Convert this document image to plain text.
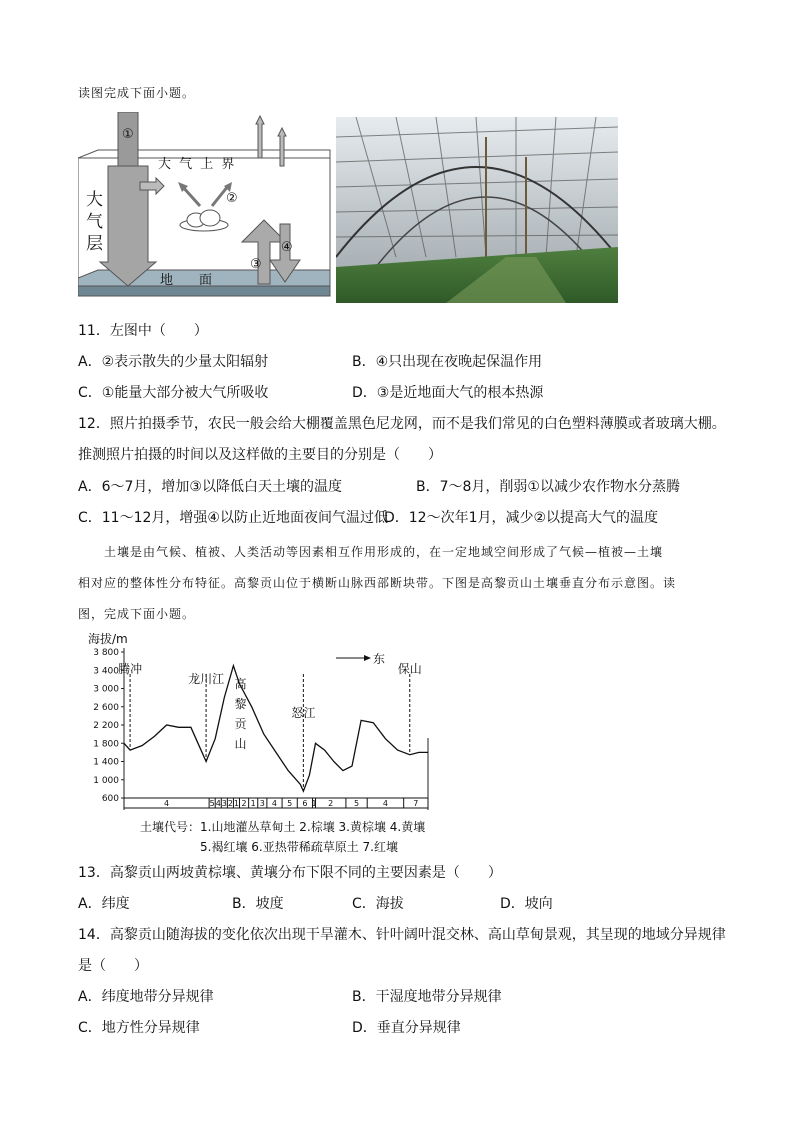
读图完成下面小题。
①
②
③
④
大 气 上 界
大
气
层
地　　面
11．左图中（　　）
A．②表示散失的少量太阳辐射	B．④只出现在夜晚起保温作用
C．①能量大部分被大气所吸收	D．③是近地面大气的根本热源
12．照片拍摄季节，农民一般会给大棚覆盖黑色尼龙网，而不是我们常见的白色塑料薄膜或者玻璃大棚。
推测照片拍摄的时间以及这样做的主要目的分别是（　　）
A．6～7月，增加③以降低白天土壤的温度	B．7～8月，削弱①以减少农作物水分蒸腾
C．11～12月，增强④以防止近地面夜间气温过低
D．12～次年1月，减少②以提高大气的温度
土壤是由气候、植被、人类活动等因素相互作用形成的，在一定地域空间形成了气候—植被—土壤
相对应的整体性分布特征。高黎贡山位于横断山脉西部断块带。下图是高黎贡山土壤垂直分布示意图。读
图，完成下面小题。
3 800
3 400
3 000
2 600
2 200
1 800
1 400
1 000
600	4	5 4 3 2 1 2 1 3 4 5 6 1 2	5	4	7
海拔/m
东
腾冲
龙川江 高黎贡山
怒江
保山
土壤代号： 1.山地灌丛草甸土 2.棕壤 3.黄棕壤 4.黄壤
5.褐红壤 6.亚热带稀疏草原土 7.红壤
13．高黎贡山两坡黄棕壤、黄壤分布下限不同的主要因素是（　　）
A．纬度	B．坡度	C．海拔	D．坡向
14．高黎贡山随海拔的变化依次出现干旱灌木、针叶阔叶混交林、高山草甸景观，其呈现的地域分异规律
是（　　）
A．纬度地带分异规律	B．干湿度地带分异规律
C．地方性分异规律	D．垂直分异规律
